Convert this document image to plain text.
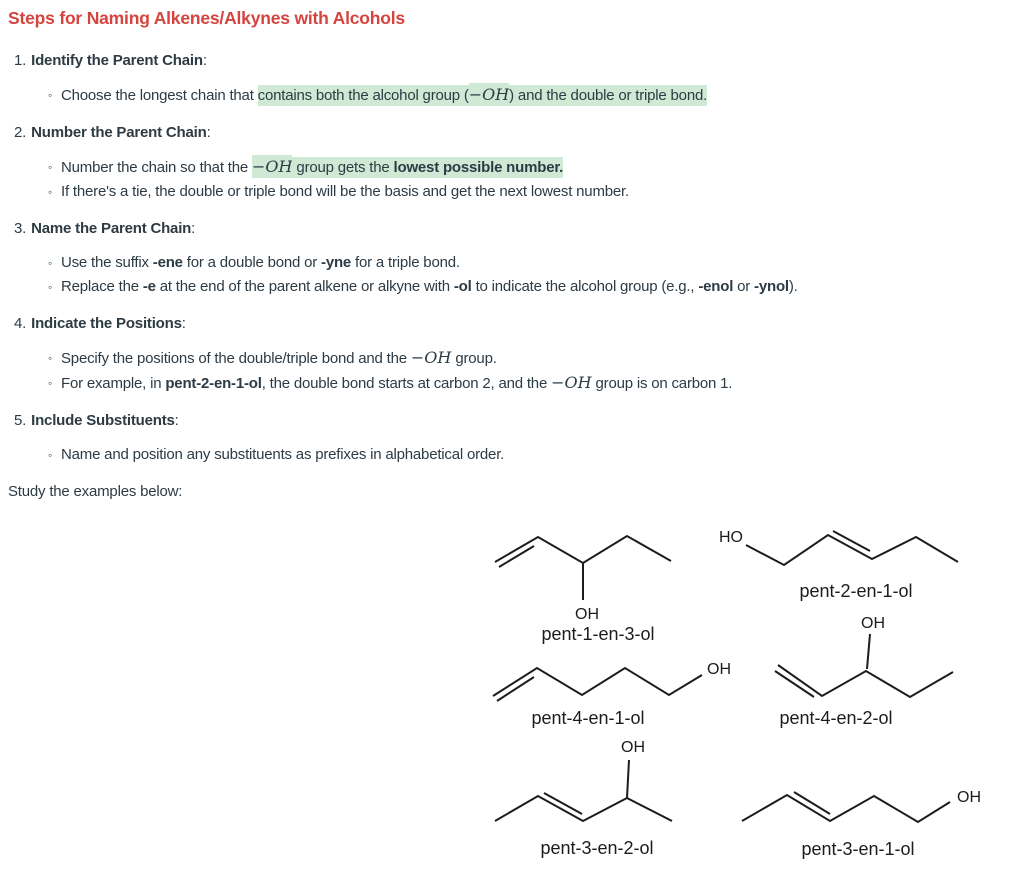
Steps for Naming Alkenes/Alkynes with Alcohols
1. Identify the Parent Chain:
◦ Choose the longest chain that contains both the alcohol group (−OH) and the double or triple bond.
2. Number the Parent Chain:
◦ Number the chain so that the −OH group gets the lowest possible number.
◦ If there's a tie, the double or triple bond will be the basis and get the next lowest number.
3. Name the Parent Chain:
◦ Use the suffix -ene for a double bond or -yne for a triple bond.
◦ Replace the -e at the end of the parent alkene or alkyne with -ol to indicate the alcohol group (e.g., -enol or -ynol).
4. Indicate the Positions:
◦ Specify the positions of the double/triple bond and the −OH group.
◦ For example, in pent-2-en-1-ol, the double bond starts at carbon 2, and the −OH group is on carbon 1.
5. Include Substituents:
◦ Name and position any substituents as prefixes in alphabetical order.
Study the examples below:
OH
pent-1-en-3-ol
HO
pent-2-en-1-ol
OH
pent-4-en-1-ol
OH
pent-4-en-2-ol
OH
pent-3-en-2-ol
OH
pent-3-en-1-ol
